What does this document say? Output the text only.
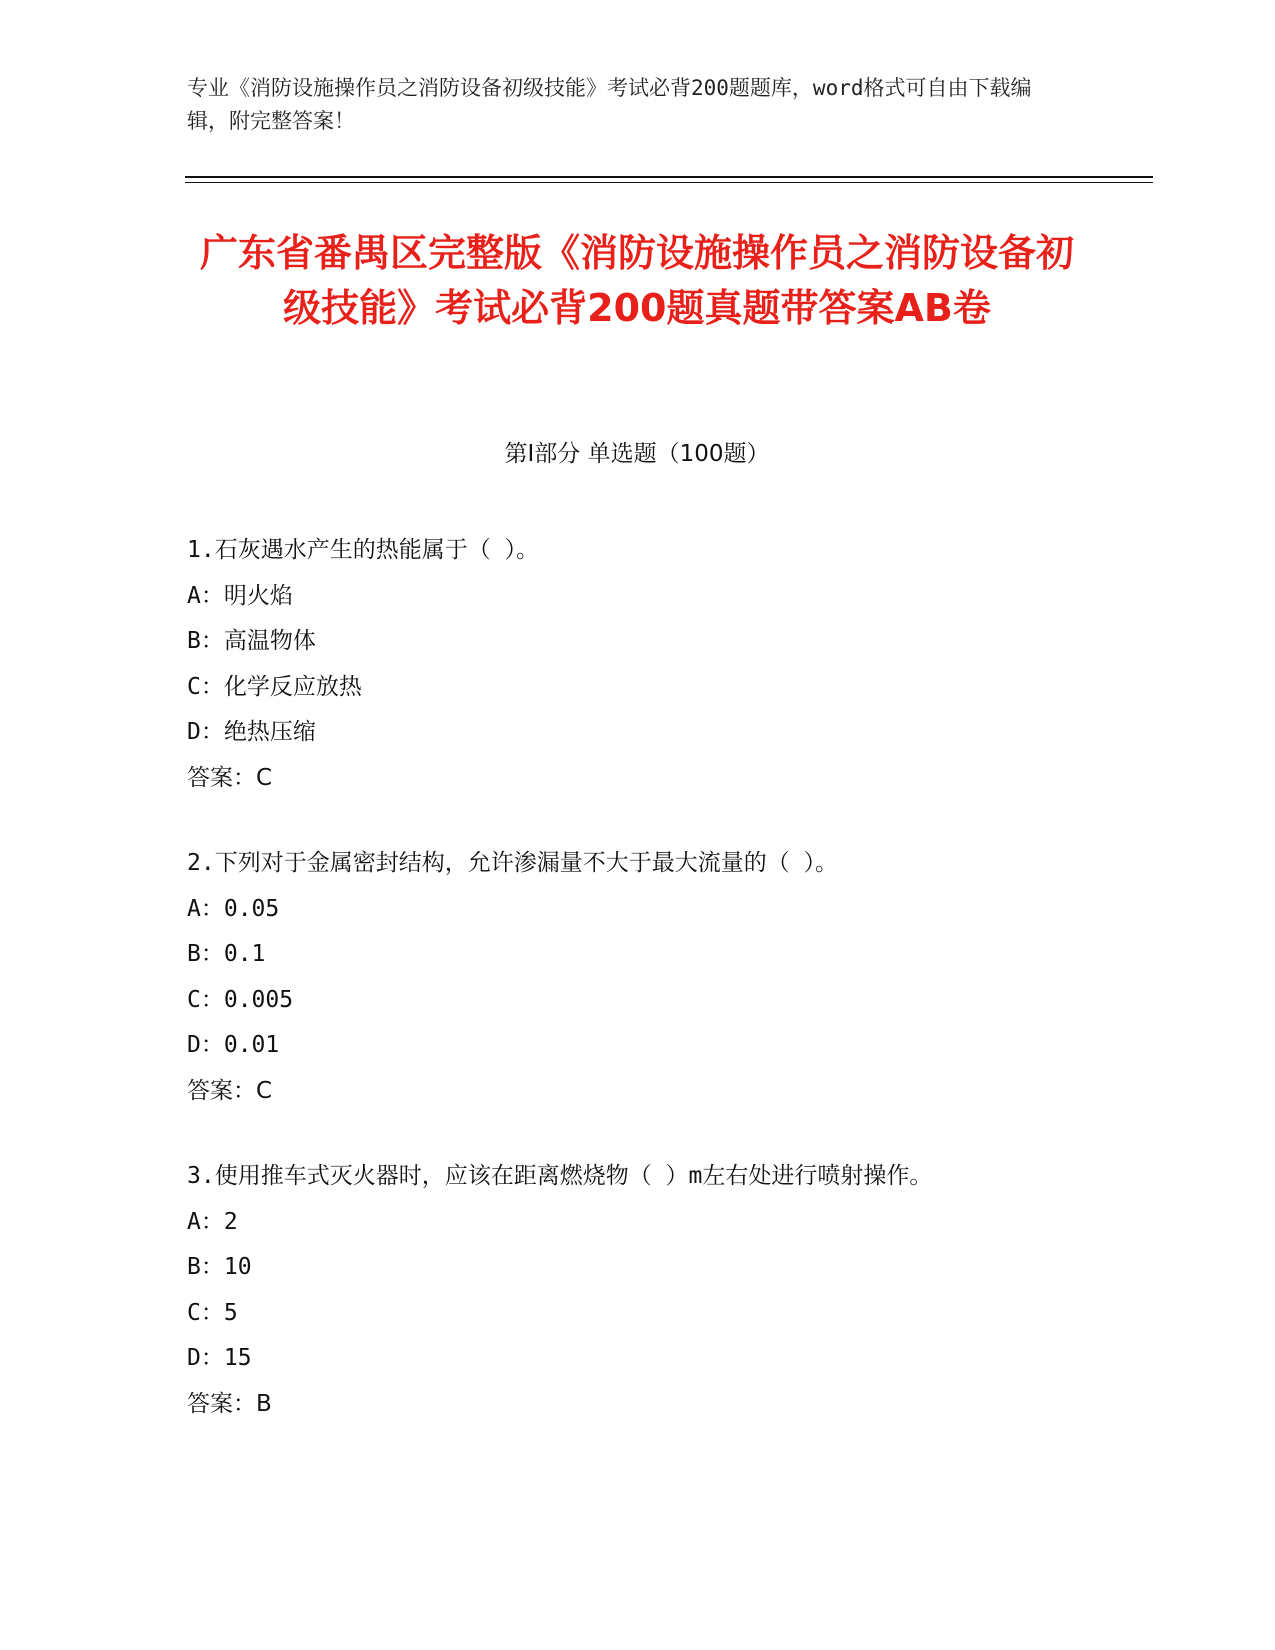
专业《消防设施操作员之消防设备初级技能》考试必背200题题库，word格式可自由下载编辑，附完整答案！
广东省番禺区完整版《消防设施操作员之消防设备初级技能》考试必背200题真题带答案AB卷
第Ⅰ部分 单选题（100题）
1.石灰遇水产生的热能属于（ ）。
A：明火焰
B：高温物体
C：化学反应放热
D：绝热压缩
答案：C
2.下列对于金属密封结构，允许渗漏量不大于最大流量的（ ）。
A：0.05
B：0.1
C：0.005
D：0.01
答案：C
3.使用推车式灭火器时，应该在距离燃烧物（ ）m左右处进行喷射操作。
A：2
B：10
C：5
D：15
答案：B
